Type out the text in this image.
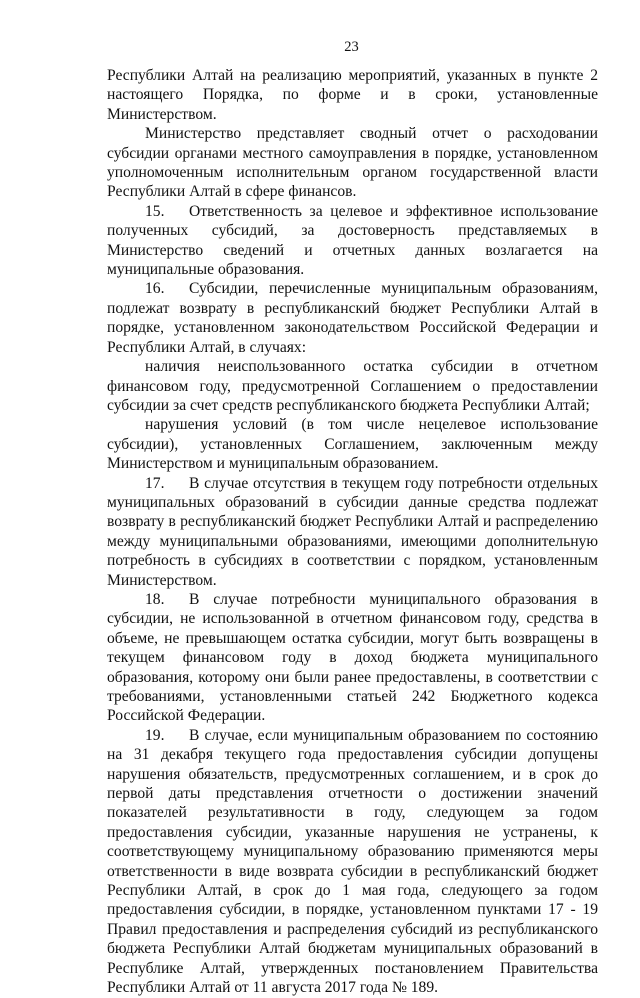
23

Республики Алтай на реализацию мероприятий, указанных в пункте 2 настоящего Порядка, по форме и в сроки, установленные Министерством.

Министерство представляет сводный отчет о расходовании субсидии органами местного самоуправления в порядке, установленном уполномоченным исполнительным органом государственной власти Республики Алтай в сфере финансов.

15. Ответственность за целевое и эффективное использование полученных субсидий, за достоверность представляемых в Министерство сведений и отчетных данных возлагается на муниципальные образования.

16. Субсидии, перечисленные муниципальным образованиям, подлежат возврату в республиканский бюджет Республики Алтай в порядке, установленном законодательством Российской Федерации и Республики Алтай, в случаях:

наличия неиспользованного остатка субсидии в отчетном финансовом году, предусмотренной Соглашением о предоставлении субсидии за счет средств республиканского бюджета Республики Алтай;

нарушения условий (в том числе нецелевое использование субсидии), установленных Соглашением, заключенным между Министерством и муниципальным образованием.

17. В случае отсутствия в текущем году потребности отдельных муниципальных образований в субсидии данные средства подлежат возврату в республиканский бюджет Республики Алтай и распределению между муниципальными образованиями, имеющими дополнительную потребность в субсидиях в соответствии с порядком, установленным Министерством.

18. В случае потребности муниципального образования в субсидии, не использованной в отчетном финансовом году, средства в объеме, не превышающем остатка субсидии, могут быть возвращены в текущем финансовом году в доход бюджета муниципального образования, которому они были ранее предоставлены, в соответствии с требованиями, установленными статьей 242 Бюджетного кодекса Российской Федерации.

19. В случае, если муниципальным образованием по состоянию на 31 декабря текущего года предоставления субсидии допущены нарушения обязательств, предусмотренных соглашением, и в срок до первой даты представления отчетности о достижении значений показателей результативности в году, следующем за годом предоставления субсидии, указанные нарушения не устранены, к соответствующему муниципальному образованию применяются меры ответственности в виде возврата субсидии в республиканский бюджет Республики Алтай, в срок до 1 мая года, следующего за годом предоставления субсидии, в порядке, установленном пунктами 17 - 19 Правил предоставления и распределения субсидий из республиканского бюджета Республики Алтай бюджетам муниципальных образований в Республике Алтай, утвержденных постановлением Правительства Республики Алтай от 11 августа 2017 года № 189.
